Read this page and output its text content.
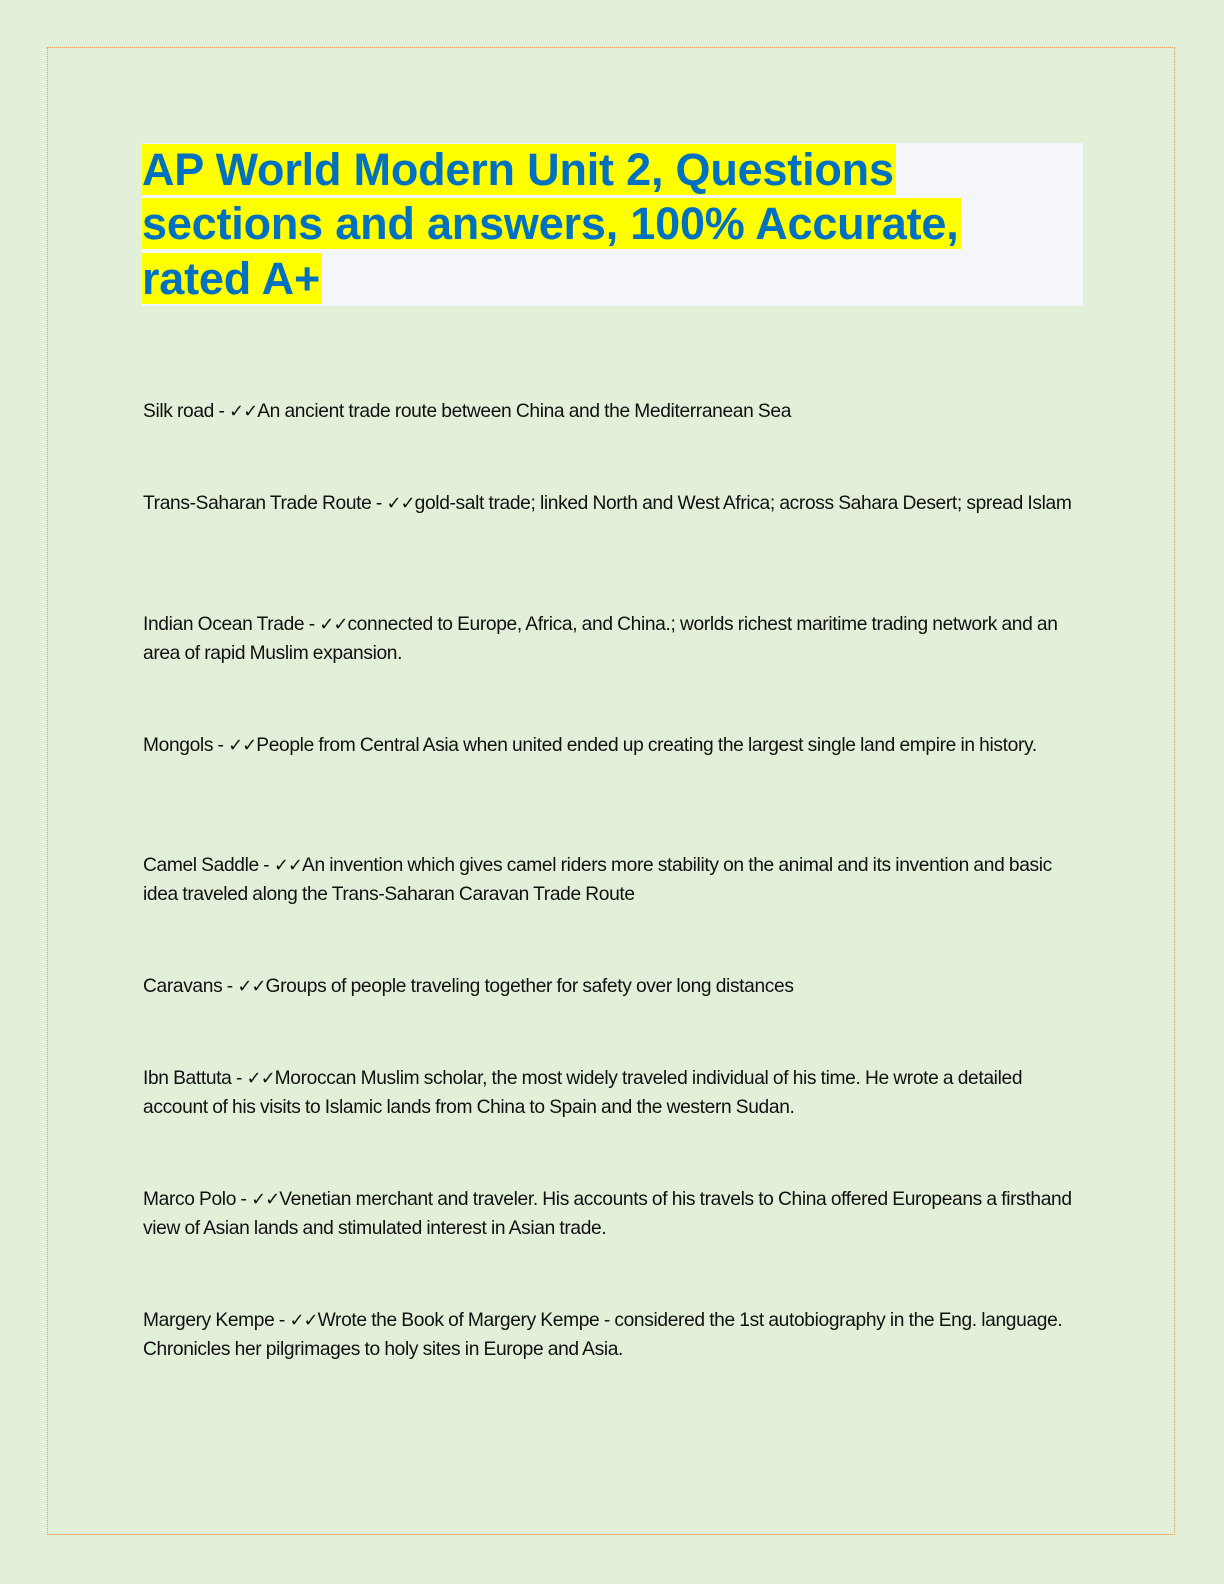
AP World Modern Unit 2, Questions
sections and answers, 100% Accurate,
rated A+

Silk road - ✓✓An ancient trade route between China and the Mediterranean Sea

Trans-Saharan Trade Route - ✓✓gold-salt trade; linked North and West Africa; across Sahara Desert; spread Islam

Indian Ocean Trade - ✓✓connected to Europe, Africa, and China.; worlds richest maritime trading network and an area of rapid Muslim expansion.

Mongols - ✓✓People from Central Asia when united ended up creating the largest single land empire in history.

Camel Saddle - ✓✓An invention which gives camel riders more stability on the animal and its invention and basic idea traveled along the Trans-Saharan Caravan Trade Route

Caravans - ✓✓Groups of people traveling together for safety over long distances

Ibn Battuta - ✓✓Moroccan Muslim scholar, the most widely traveled individual of his time. He wrote a detailed account of his visits to Islamic lands from China to Spain and the western Sudan.

Marco Polo - ✓✓Venetian merchant and traveler. His accounts of his travels to China offered Europeans a firsthand view of Asian lands and stimulated interest in Asian trade.

Margery Kempe - ✓✓Wrote the Book of Margery Kempe - considered the 1st autobiography in the Eng. language. Chronicles her pilgrimages to holy sites in Europe and Asia.
